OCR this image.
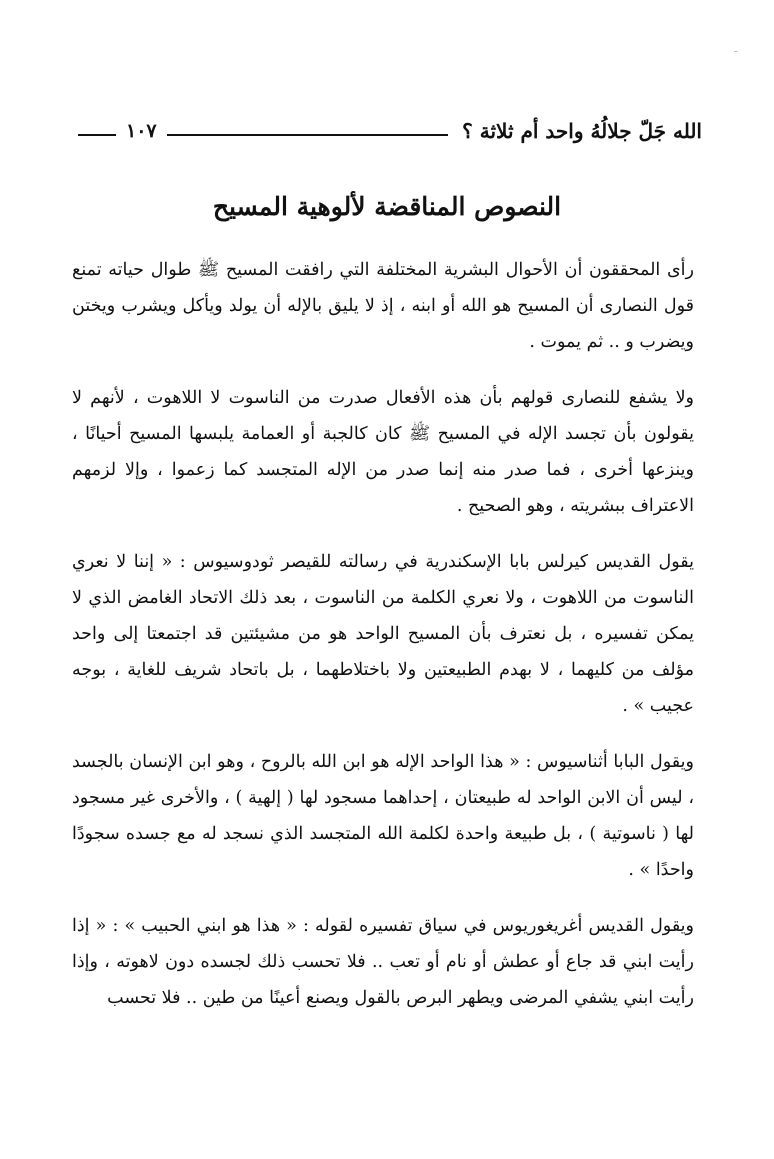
-
الله جَلّ جلالُهُ واحد أم ثلاثة ؟
١٠٧
النصوص المناقضة لألوهية المسيح

رأى المحققون أن الأحوال البشرية المختلفة التي رافقت المسيح ﷺ طوال حياته تمنع قول النصارى أن المسيح هو الله أو ابنه ، إذ لا يليق بالإله أن يولد ويأكل ويشرب ويختن ويضرب و .. ثم يموت .

ولا يشفع للنصارى قولهم بأن هذه الأفعال صدرت من الناسوت لا اللاهوت ، لأنهم لا يقولون بأن تجسد الإله في المسيح ﷺ كان كالجبة أو العمامة يلبسها المسيح أحيانًا ، وينزعها أخرى ، فما صدر منه إنما صدر من الإله المتجسد كما زعموا ، وإلا لزمهم الاعتراف ببشريته ، وهو الصحيح .

يقول القديس كيرلس بابا الإسكندرية في رسالته للقيصر ثودوسيوس : « إننا لا نعري الناسوت من اللاهوت ، ولا نعري الكلمة من الناسوت ، بعد ذلك الاتحاد الغامض الذي لا يمكن تفسيره ، بل نعترف بأن المسيح الواحد هو من مشيئتين قد اجتمعتا إلى واحد مؤلف من كليهما ، لا بهدم الطبيعتين ولا باختلاطهما ، بل باتحاد شريف للغاية ، بوجه عجيب » .

ويقول البابا أثناسيوس : « هذا الواحد الإله هو ابن الله بالروح ، وهو ابن الإنسان بالجسد ، ليس أن الابن الواحد له طبيعتان ، إحداهما مسجود لها ( إلهية ) ، والأخرى غير مسجود لها ( ناسوتية ) ، بل طبيعة واحدة لكلمة الله المتجسد الذي نسجد له مع جسده سجودًا واحدًا » .

ويقول القديس أغريغوريوس في سياق تفسيره لقوله : « هذا هو ابني الحبيب » : « إذا رأيت ابني قد جاع أو عطش أو نام أو تعب .. فلا تحسب ذلك لجسده دون لاهوته ، وإذا رأيت ابني يشفي المرضى ويطهر البرص بالقول ويصنع أعينًا من طين .. فلا تحسب
